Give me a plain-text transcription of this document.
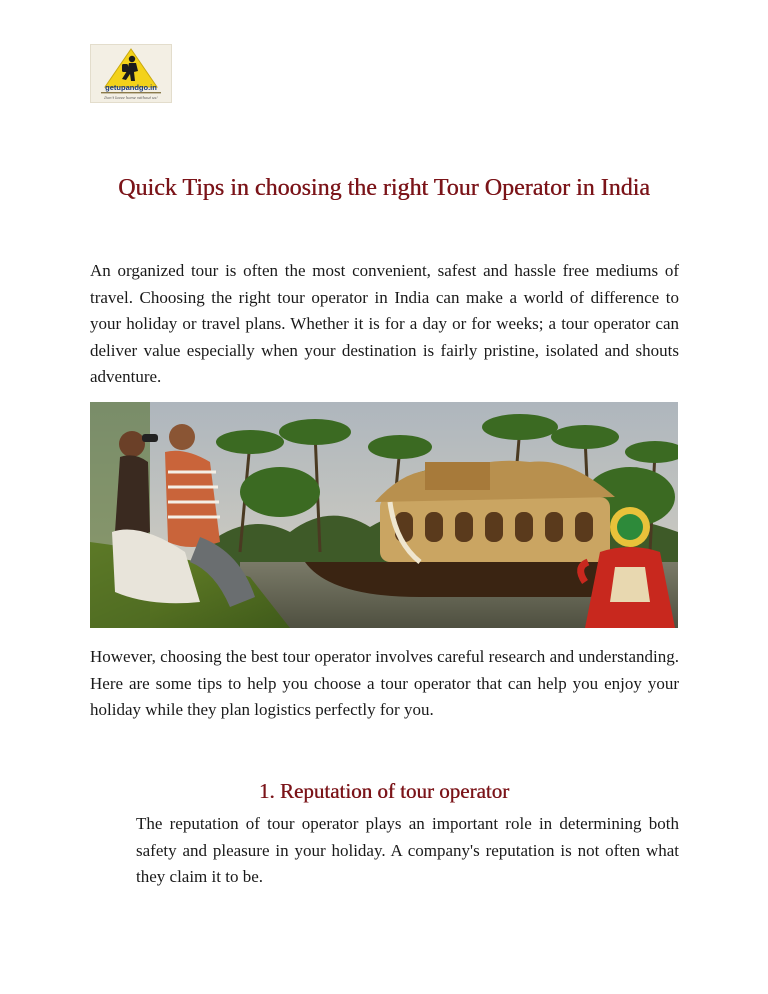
getupandgo.in
Don't leave home without us!
Quick Tips in choosing the right Tour Operator in India

An organized tour is often the most convenient, safest and hassle free mediums of travel. Choosing the right tour operator in India can make a world of difference to your holiday or travel plans. Whether it is for a day or for weeks; a tour operator can deliver value especially when your destination is fairly pristine, isolated and shouts adventure.

However, choosing the best tour operator involves careful research and understanding. Here are some tips to help you choose a tour operator that can help you enjoy your holiday while they plan logistics perfectly for you.

1. Reputation of tour operator

The reputation of tour operator plays an important role in determining both safety and pleasure in your holiday. A company's reputation is not often what they claim it to be.
